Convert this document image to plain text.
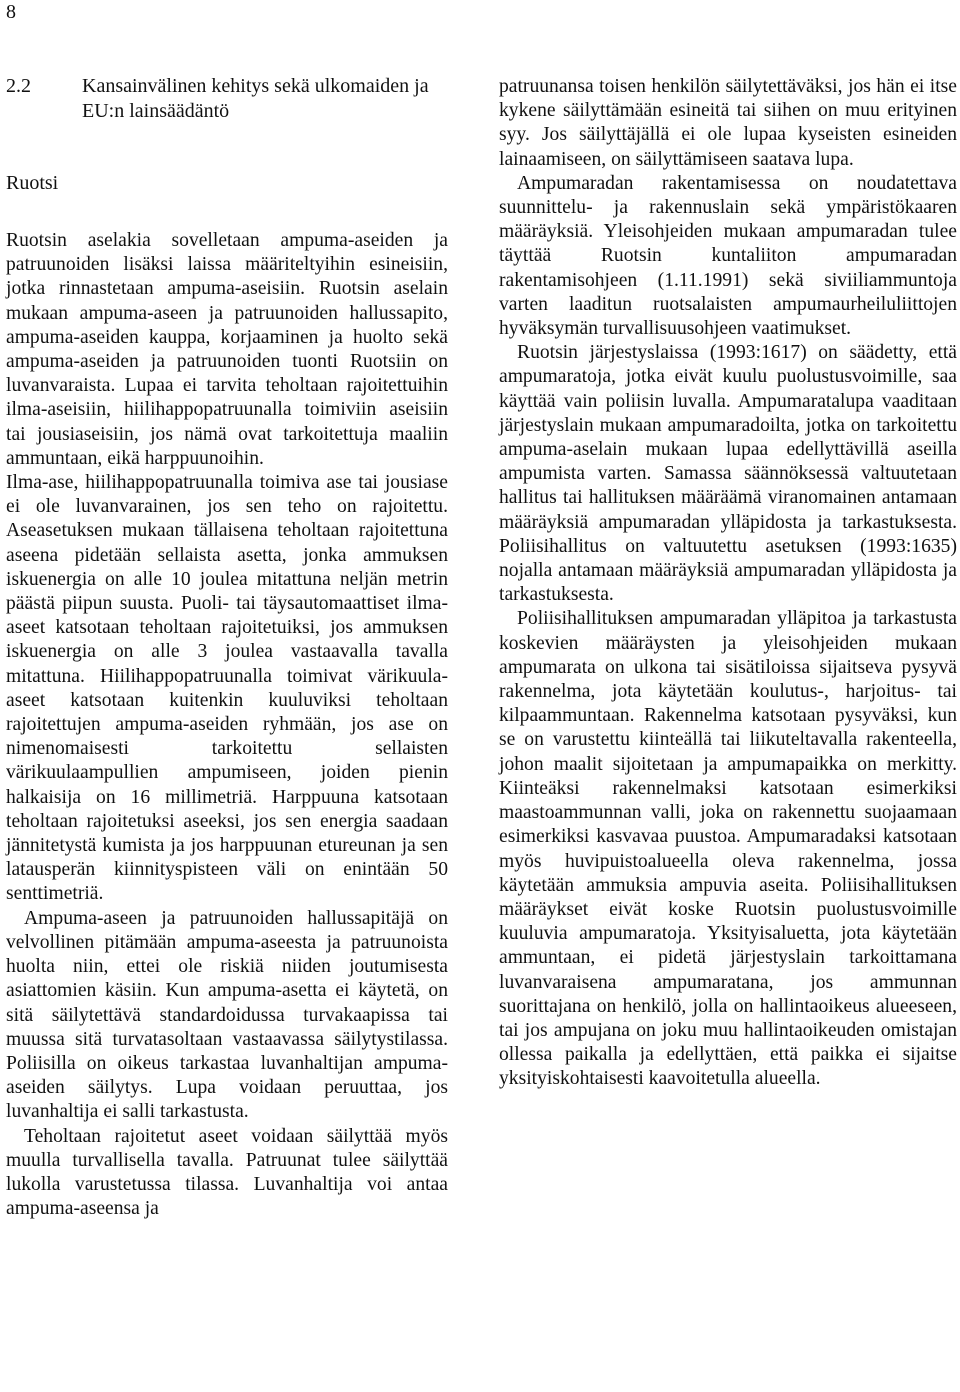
8
2.2	Kansainvälinen kehitys sekä ulkomaiden ja EU:n lainsäädäntö
Ruotsi

Ruotsin aselakia sovelletaan ampuma-aseiden ja patruunoiden lisäksi laissa määriteltyihin esineisiin, jotka rinnastetaan ampuma-aseisiin. Ruotsin aselain mukaan ampuma-aseen ja patruunoiden hallussapito, ampuma-aseiden kauppa, korjaaminen ja huolto sekä ampuma-aseiden ja patruunoiden tuonti Ruotsiin on luvanvaraista. Lupaa ei tarvita teholtaan rajoitettuihin ilma-aseisiin, hiilihappopatruunalla toimiviin aseisiin tai jousiaseisiin, jos nämä ovat tarkoitettuja maaliin ammuntaan, eikä harppuunoihin.

Ilma-ase, hiilihappopatruunalla toimiva ase tai jousiase ei ole luvanvarainen, jos sen teho on rajoitettu. Aseasetuksen mukaan tällaisena teholtaan rajoitettuna aseena pidetään sellaista asetta, jonka ammuksen iskuenergia on alle 10 joulea mitattuna neljän metrin päästä piipun suusta. Puoli- tai täysautomaattiset ilma-aseet katsotaan teholtaan rajoitetuiksi, jos ammuksen iskuenergia on alle 3 joulea vastaavalla tavalla mitattuna. Hiilihappopatruunalla toimivat värikuula-aseet katsotaan kuitenkin kuuluviksi teholtaan rajoitettujen ampuma-aseiden ryhmään, jos ase on nimenomaisesti tarkoitettu sellaisten värikuulaampullien ampumiseen, joiden pienin halkaisija on 16 millimetriä. Harppuuna katsotaan teholtaan rajoitetuksi aseeksi, jos sen energia saadaan jännitetystä kumista ja jos harppuunan etureunan ja sen latausperän kiinnityspisteen väli on enintään 50 senttimetriä.

Ampuma-aseen ja patruunoiden hallussapitäjä on velvollinen pitämään ampuma-aseesta ja patruunoista huolta niin, ettei ole riskiä niiden joutumisesta asiattomien käsiin. Kun ampuma-asetta ei käytetä, on sitä säilytettävä standardoidussa turvakaapissa tai muussa sitä turvatasoltaan vastaavassa säilytystilassa. Poliisilla on oikeus tarkastaa luvanhaltijan ampuma-aseiden säilytys. Lupa voidaan peruuttaa, jos luvanhaltija ei salli tarkastusta.

Teholtaan rajoitetut aseet voidaan säilyttää myös muulla turvallisella tavalla. Patruunat tulee säilyttää lukolla varustetussa tilassa. Luvanhaltija voi antaa ampuma-aseensa ja

patruunansa toisen henkilön säilytettäväksi, jos hän ei itse kykene säilyttämään esineitä tai siihen on muu erityinen syy. Jos säilyttäjällä ei ole lupaa kyseisten esineiden lainaamiseen, on säilyttämiseen saatava lupa.

Ampumaradan rakentamisessa on noudatettava suunnittelu- ja rakennuslain sekä ympäristökaaren määräyksiä. Yleisohjeiden mukaan ampumaradan tulee täyttää Ruotsin kuntaliiton ampumaradan rakentamisohjeen (1.11.1991) sekä siviiliammuntoja varten laaditun ruotsalaisten ampumaurheiluliittojen hyväksymän turvallisuusohjeen vaatimukset.

Ruotsin järjestyslaissa (1993:1617) on säädetty, että ampumaratoja, jotka eivät kuulu puolustusvoimille, saa käyttää vain poliisin luvalla. Ampumaratalupa vaaditaan järjestyslain mukaan ampumaradoilta, jotka on tarkoitettu ampuma-aselain mukaan lupaa edellyttävillä aseilla ampumista varten. Samassa säännöksessä valtuutetaan hallitus tai hallituksen määräämä viranomainen antamaan määräyksiä ampumaradan ylläpidosta ja tarkastuksesta. Poliisihallitus on valtuutettu asetuksen (1993:1635) nojalla antamaan määräyksiä ampumaradan ylläpidosta ja tarkastuksesta.

Poliisihallituksen ampumaradan ylläpitoa ja tarkastusta koskevien määräysten ja yleisohjeiden mukaan ampumarata on ulkona tai sisätiloissa sijaitseva pysyvä rakennelma, jota käytetään koulutus-, harjoitus- tai kilpaammuntaan. Rakennelma katsotaan pysyväksi, kun se on varustettu kiinteällä tai liikuteltavalla rakenteella, johon maalit sijoitetaan ja ampumapaikka on merkitty. Kiinteäksi rakennelmaksi katsotaan esimerkiksi maastoammunnan valli, joka on rakennettu suojaamaan esimerkiksi kasvavaa puustoa. Ampumaradaksi katsotaan myös huvipuistoalueella oleva rakennelma, jossa käytetään ammuksia ampuvia aseita. Poliisihallituksen määräykset eivät koske Ruotsin puolustusvoimille kuuluvia ampumaratoja. Yksityisaluetta, jota käytetään ammuntaan, ei pidetä järjestyslain tarkoittamana luvanvaraisena ampumaratana, jos ammunnan suorittajana on henkilö, jolla on hallintaoikeus alueeseen, tai jos ampujana on joku muu hallintaoikeuden omistajan ollessa paikalla ja edellyttäen, että paikka ei sijaitse yksityiskohtaisesti kaavoitetulla alueella.
